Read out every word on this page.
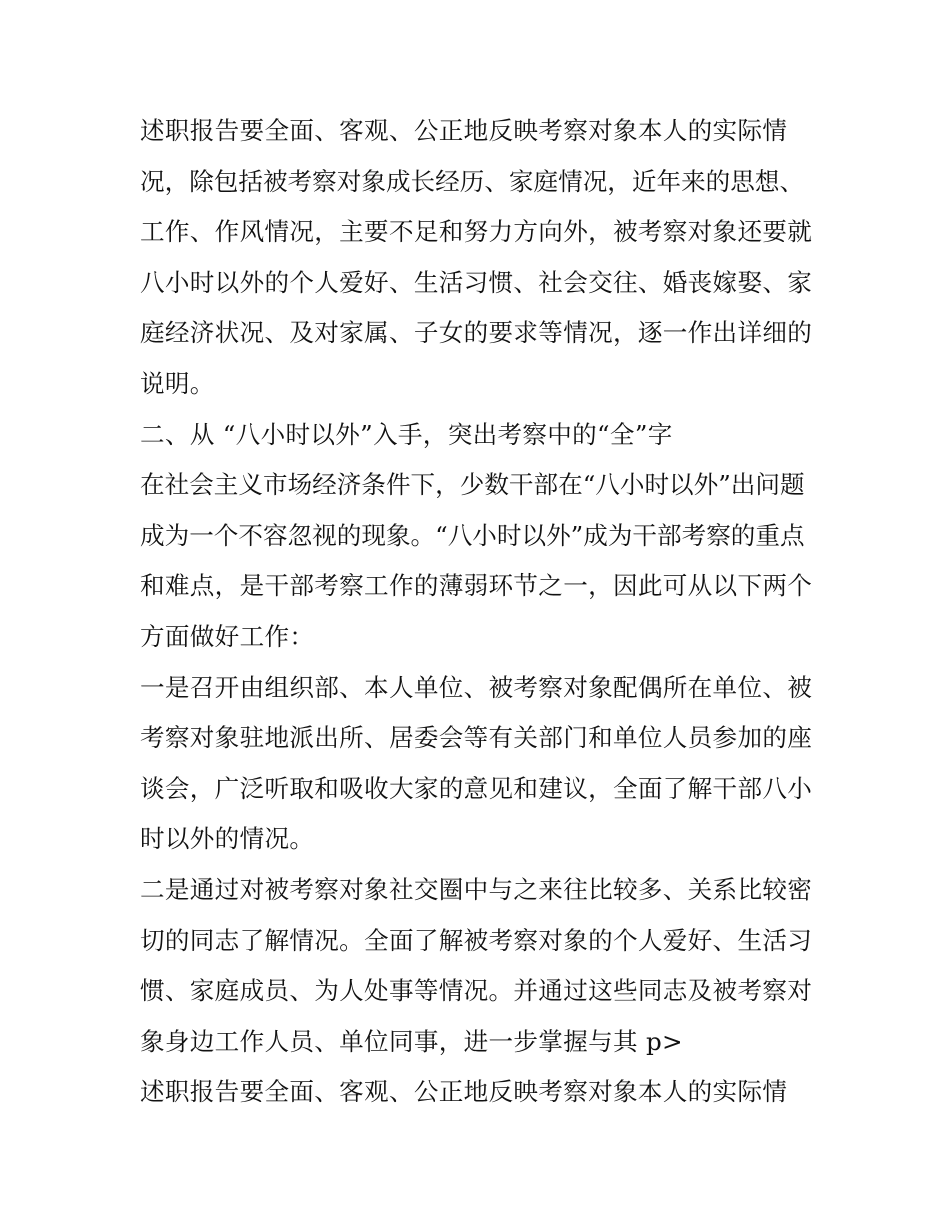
述职报告要全面、客观、公正地反映考察对象本人的实际情
况，除包括被考察对象成长经历、家庭情况，近年来的思想、
工作、作风情况，主要不足和努力方向外，被考察对象还要就
八小时以外的个人爱好、生活习惯、社会交往、婚丧嫁娶、家
庭经济状况、及对家属、子女的要求等情况，逐一作出详细的
说明。
二、从 “八小时以外”入手，突出考察中的“全”字
在社会主义市场经济条件下，少数干部在“八小时以外”出问题
成为一个不容忽视的现象。“八小时以外”成为干部考察的重点
和难点，是干部考察工作的薄弱环节之一，因此可从以下两个
方面做好工作：
一是召开由组织部、本人单位、被考察对象配偶所在单位、被
考察对象驻地派出所、居委会等有关部门和单位人员参加的座
谈会，广泛听取和吸收大家的意见和建议，全面了解干部八小
时以外的情况。
二是通过对被考察对象社交圈中与之来往比较多、关系比较密
切的同志了解情况。全面了解被考察对象的个人爱好、生活习
惯、家庭成员、为人处事等情况。并通过这些同志及被考察对
象身边工作人员、单位同事，进一步掌握与其 p>
述职报告要全面、客观、公正地反映考察对象本人的实际情
